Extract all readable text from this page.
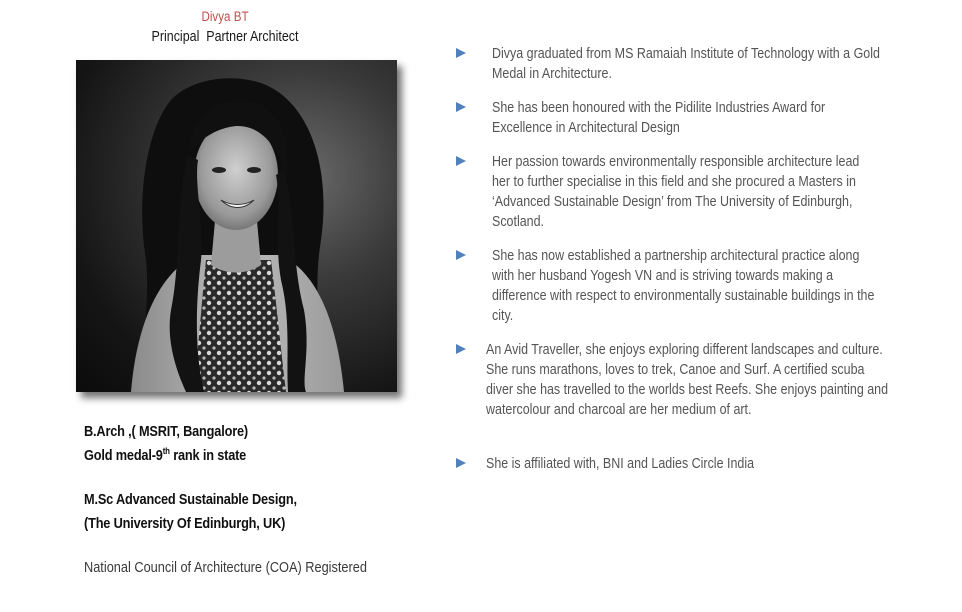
Divya BT
Principal  Partner Architect
B.Arch ,( MSRIT, Bangalore)
Gold medal-9th rank in state
M.Sc Advanced Sustainable Design,
(The University Of Edinburgh, UK)
National Council of Architecture (COA) Registered
Divya graduated from MS Ramaiah Institute of Technology with a Gold Medal in Architecture.
She has been honoured with the Pidilite Industries Award for Excellence in Architectural Design
Her passion towards environmentally responsible architecture lead her to further specialise in this field and she procured a Masters in ‘Advanced Sustainable Design’ from The University of Edinburgh, Scotland.
She has now established a partnership architectural practice along with her husband Yogesh VN and is striving towards making a difference with respect to environmentally sustainable buildings in the city.
An Avid Traveller, she enjoys exploring different landscapes and culture. She runs marathons, loves to trek, Canoe and Surf. A certified scuba diver she has travelled to the worlds best Reefs. She enjoys painting and watercolour and charcoal are her medium of art.
She is affiliated with, BNI and Ladies Circle India
